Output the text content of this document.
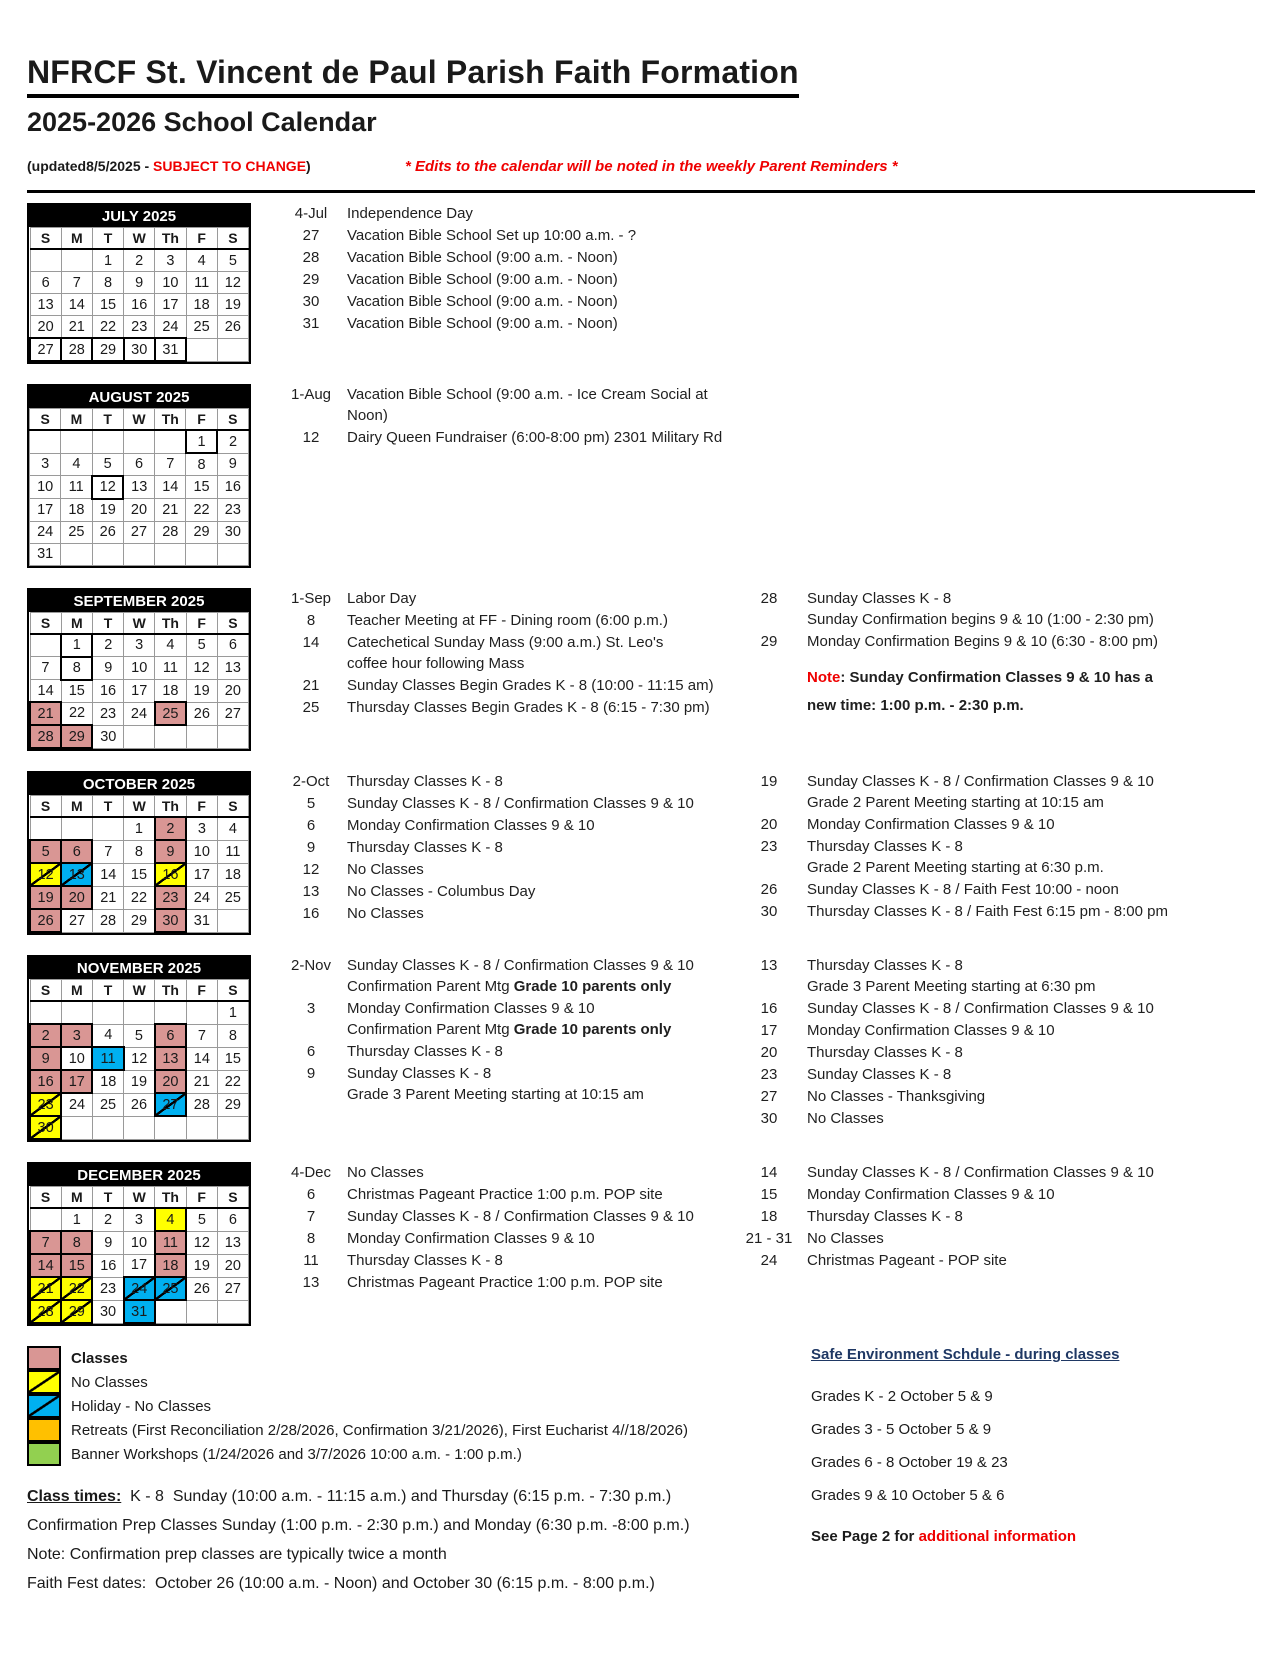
NFRCF St. Vincent de Paul Parish Faith Formation
2025-2026 School Calendar
(updated8/5/2025 - SUBJECT TO CHANGE)	* Edits to the calendar will be noted in the weekly Parent Reminders *
JULY 2025
S	M	T	W	Th	F	S
		1	2	3	4	5
6	7	8	9	10	11	12
13	14	15	16	17	18	19
20	21	22	23	24	25	26
27	28	29	30	31		
4-Jul	Independence Day
27	Vacation Bible School Set up 10:00 a.m. - ?
28	Vacation Bible School (9:00 a.m. - Noon)
29	Vacation Bible School (9:00 a.m. - Noon)
30	Vacation Bible School (9:00 a.m. - Noon)
31	Vacation Bible School (9:00 a.m. - Noon)
AUGUST 2025
S	M	T	W	Th	F	S
					1	2
3	4	5	6	7	8	9
10	11	12	13	14	15	16
17	18	19	20	21	22	23
24	25	26	27	28	29	30
31						
1-Aug	Vacation Bible School (9:00 a.m. - Ice Cream Social at Noon)
12	Dairy Queen Fundraiser (6:00-8:00 pm) 2301 Military Rd
SEPTEMBER 2025
S	M	T	W	Th	F	S
	1	2	3	4	5	6
7	8	9	10	11	12	13
14	15	16	17	18	19	20
21	22	23	24	25	26	27
28	29	30				
1-Sep	Labor Day
8	Teacher Meeting at FF - Dining room (6:00 p.m.)
14	Catechetical Sunday Mass (9:00 a.m.) St. Leo's
coffee hour following Mass
21	Sunday Classes Begin Grades K - 8 (10:00 - 11:15 am)
25	Thursday Classes Begin Grades K - 8 (6:15 - 7:30 pm)
28	Sunday Classes K - 8
Sunday Confirmation begins 9 & 10 (1:00 - 2:30 pm)
29	Monday Confirmation Begins 9 & 10 (6:30 - 8:00 pm)
Note: Sunday Confirmation Classes 9 & 10 has a
new time: 1:00 p.m. - 2:30 p.m.
OCTOBER 2025
S	M	T	W	Th	F	S
			1	2	3	4
5	6	7	8	9	10	11
12	13	14	15	16	17	18
19	20	21	22	23	24	25
26	27	28	29	30	31	
2-Oct	Thursday Classes K - 8
5	Sunday Classes K - 8 / Confirmation Classes 9 & 10
6	Monday Confirmation Classes 9 & 10
9	Thursday Classes K - 8
12	No Classes
13	No Classes - Columbus Day
16	No Classes
19	Sunday Classes K - 8 / Confirmation Classes 9 & 10
Grade 2 Parent Meeting starting at 10:15 am
20	Monday Confirmation Classes 9 & 10
23	Thursday Classes K - 8
Grade 2 Parent Meeting starting at 6:30 p.m.
26	Sunday Classes K - 8 / Faith Fest 10:00 - noon
30	Thursday Classes K - 8 / Faith Fest 6:15 pm - 8:00 pm
NOVEMBER 2025
S	M	T	W	Th	F	S
						1
2	3	4	5	6	7	8
9	10	11	12	13	14	15
16	17	18	19	20	21	22
23	24	25	26	27	28	29
30						
2-Nov	Sunday Classes K - 8 / Confirmation Classes 9 & 10
Confirmation Parent Mtg Grade 10 parents only
3	Monday Confirmation Classes 9 & 10
Confirmation Parent Mtg Grade 10 parents only
6	Thursday Classes K - 8
9	Sunday Classes K - 8
Grade 3 Parent Meeting starting at 10:15 am
13	Thursday Classes K - 8
Grade 3 Parent Meeting starting at 6:30 pm
16	Sunday Classes K - 8 / Confirmation Classes 9 & 10
17	Monday Confirmation Classes 9 & 10
20	Thursday Classes K - 8
23	Sunday Classes K - 8
27	No Classes - Thanksgiving
30	No Classes
DECEMBER 2025
S	M	T	W	Th	F	S
	1	2	3	4	5	6
7	8	9	10	11	12	13
14	15	16	17	18	19	20
21	22	23	24	25	26	27
28	29	30	31			
4-Dec	No Classes
6	Christmas Pageant Practice 1:00 p.m. POP site
7	Sunday Classes K - 8 / Confirmation Classes 9 & 10
8	Monday Confirmation Classes 9 & 10
11	Thursday Classes K - 8
13	Christmas Pageant Practice 1:00 p.m. POP site
14	Sunday Classes K - 8 / Confirmation Classes 9 & 10
15	Monday Confirmation Classes 9 & 10
18	Thursday Classes K - 8
21 - 31 No Classes
24	Christmas Pageant - POP site
Classes
No Classes
Holiday - No Classes
Retreats (First Reconciliation 2/28/2026, Confirmation 3/21/2026), First Eucharist 4//18/2026)
Banner Workshops (1/24/2026 and 3/7/2026 10:00 a.m. - 1:00 p.m.)

Class times:  K - 8  Sunday (10:00 a.m. - 11:15 a.m.) and Thursday (6:15 p.m. - 7:30 p.m.)

Confirmation Prep Classes Sunday (1:00 p.m. - 2:30 p.m.) and Monday (6:30 p.m. -8:00 p.m.)

Note: Confirmation prep classes are typically twice a month

Faith Fest dates:  October 26 (10:00 a.m. - Noon) and October 30 (6:15 p.m. - 8:00 p.m.)

Safe Environment Schdule - during classes
Grades K - 2 October 5 & 9
Grades 3 - 5 October 5 & 9
Grades 6 - 8 October 19 & 23
Grades 9 & 10 October 5 & 6
See Page 2 for additional information
